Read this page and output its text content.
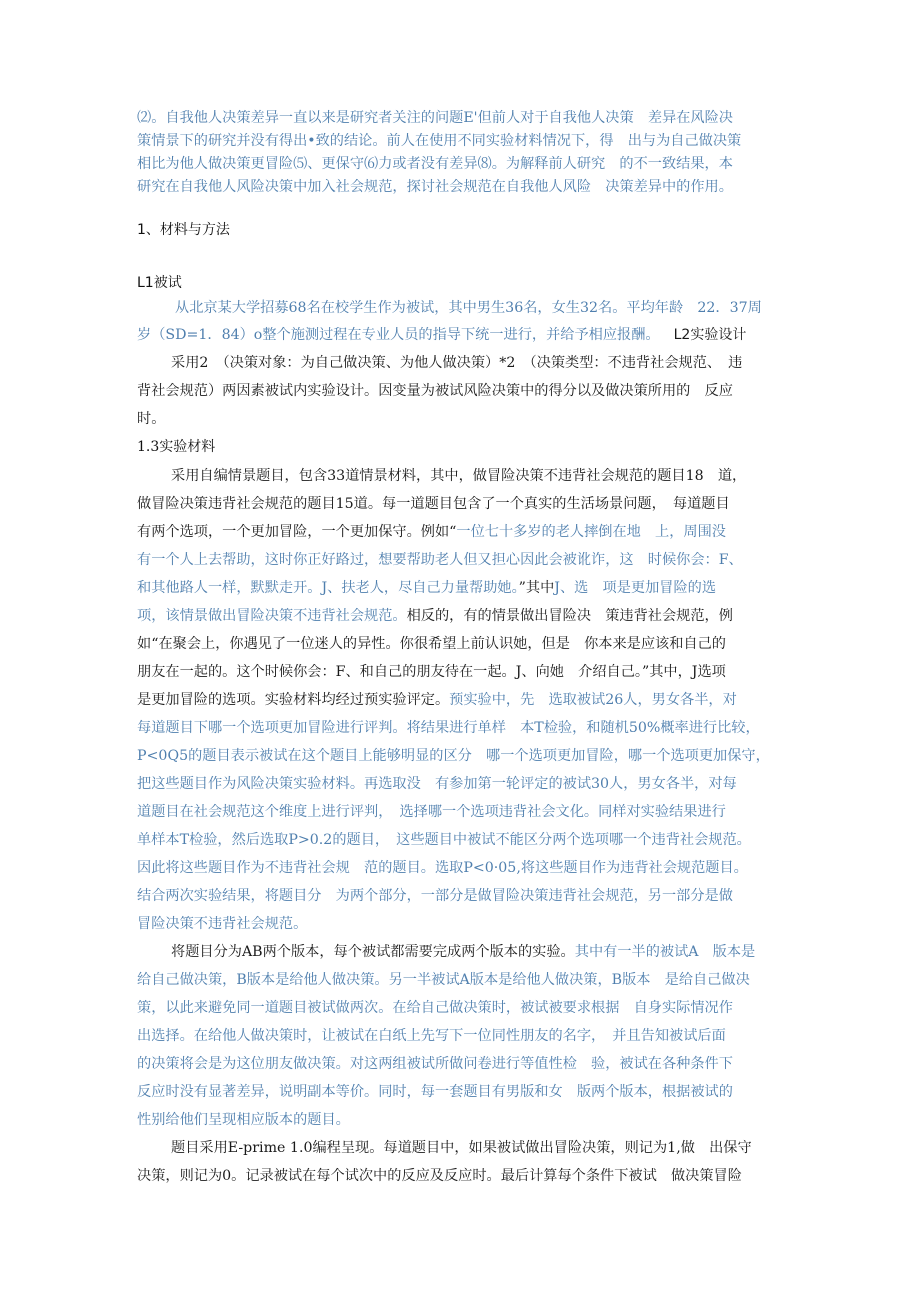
⑵。自我他人决策差异一直以来是研究者关注的问题E'但前人对于自我他人决策　差异在风险决
策情景下的研究并没有得出•致的结论。前人在使用不同实验材料情况下，得　出与为自己做决策
相比为他人做决策更冒险⑸、更保守⑹力或者没有差异⑻。为解释前人研究　的不一致结果，本
研究在自我他人风险决策中加入社会规范，探讨社会规范在自我他人风险　决策差异中的作用。
1、材料与方法
L1被试
从北京某大学招募68名在校学生作为被试，其中男生36名，女生32名。平均年龄　22．37周
岁（SD=1．84）o整个施测过程在专业人员的指导下统一进行，并给予相应报酬。 L2实验设计
采用2　（决策对象：为自己做决策、为他人做决策）*2　（决策类型：不违背社会规范、　违
背社会规范）两因素被试内实验设计。因变量为被试风险决策中的得分以及做决策所用的　反应
时。
1.3实验材料
采用自编情景题目，包含33道情景材料，其中，做冒险决策不违背社会规范的题目18　道，
做冒险决策违背社会规范的题目15道。每一道题目包含了一个真实的生活场景问题，　每道题目
有两个选项，一个更加冒险，一个更加保守。例如“一位七十多岁的老人摔倒在地　上，周围没
有一个人上去帮助，这时你正好路过，想要帮助老人但又担心因此会被讹诈，这　时候你会：F、
和其他路人一样，默默走开。J、扶老人，尽自己力量帮助她。”其中J、选　项是更加冒险的选
项，该情景做出冒险决策不违背社会规范。相反的，有的情景做出冒险决　策违背社会规范，例
如“在聚会上，你遇见了一位迷人的异性。你很希望上前认识她，但是　你本来是应该和自己的
朋友在一起的。这个时候你会：F、和自己的朋友待在一起。J、向她　介绍自己。”其中，J选项
是更加冒险的选项。实验材料均经过预实验评定。预实验中，先　选取被试26人，男女各半，对
每道题目下哪一个选项更加冒险进行评判。将结果进行单样　本T检验，和随机50%概率进行比较，
P<0Q5的题目表示被试在这个题目上能够明显的区分　哪一个选项更加冒险，哪一个选项更加保守，
把这些题目作为风险决策实验材料。再选取没　有参加第一轮评定的被试30人，男女各半，对每
道题目在社会规范这个维度上进行评判，　选择哪一个选项违背社会文化。同样对实验结果进行
单样本T检验，然后选取P>0.2的题目，　这些题目中被试不能区分两个选项哪一个违背社会规范。
因此将这些题目作为不违背社会规　范的题目。选取P<0·05,将这些题目作为违背社会规范题目。
结合两次实验结果，将题目分　为两个部分，一部分是做冒险决策违背社会规范，另一部分是做
冒险决策不违背社会规范。
将题目分为AB两个版本，每个被试都需要完成两个版本的实验。其中有一半的被试A　版本是
给自己做决策，B版本是给他人做决策。另一半被试A版本是给他人做决策，B版本　是给自己做决
策，以此来避免同一道题目被试做两次。在给自己做决策时，被试被要求根据　自身实际情况作
出选择。在给他人做决策时，让被试在白纸上先写下一位同性朋友的名字，　并且告知被试后面
的决策将会是为这位朋友做决策。对这两组被试所做问卷进行等值性检　验，被试在各种条件下
反应时没有显著差异，说明副本等价。同时，每一套题目有男版和女　版两个版本，根据被试的
性别给他们呈现相应版本的题目。
题目采用E-prime 1.0编程呈现。每道题目中，如果被试做出冒险决策，则记为1,做　出保守
决策，则记为0。记录被试在每个试次中的反应及反应时。最后计算每个条件下被试　做决策冒险
